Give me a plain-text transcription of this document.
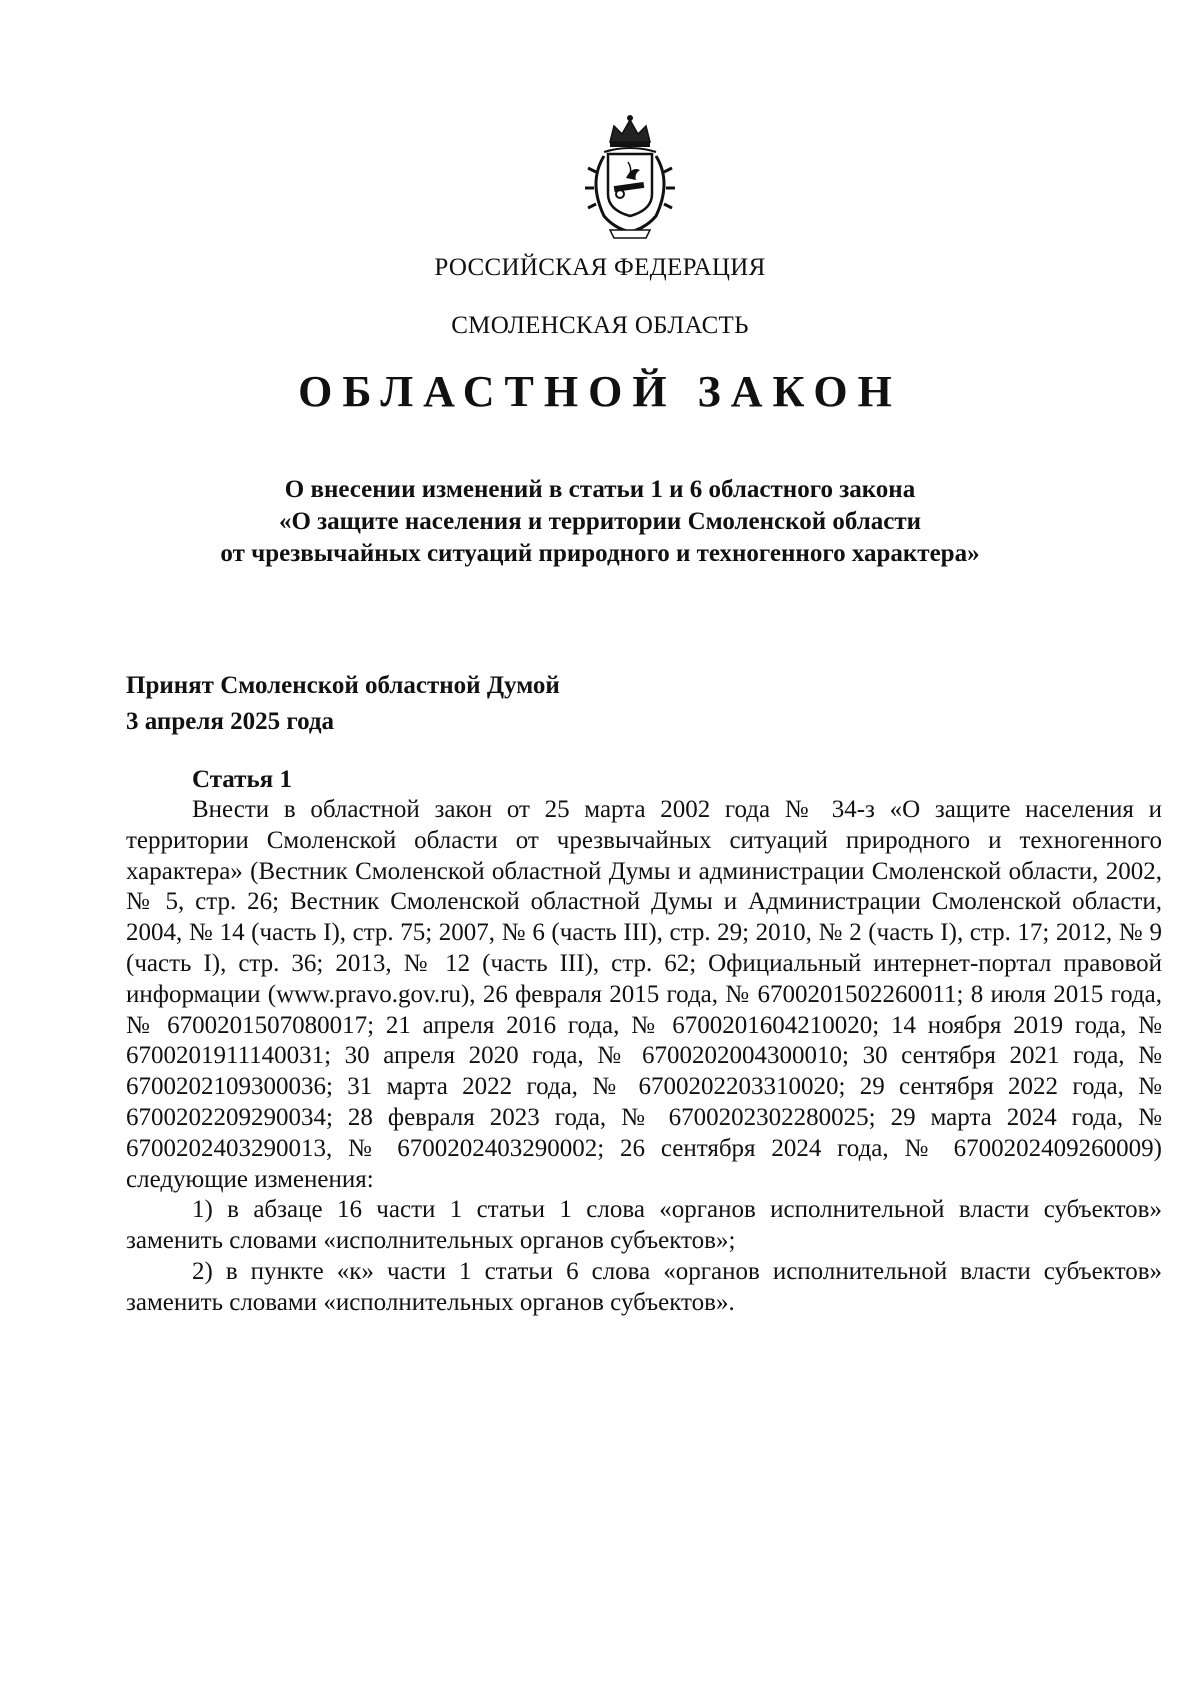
РОССИЙСКАЯ ФЕДЕРАЦИЯ
СМОЛЕНСКАЯ ОБЛАСТЬ
ОБЛАСТНОЙ ЗАКОН
О внесении изменений в статьи 1 и 6 областного закона
«О защите населения и территории Смоленской области
от чрезвычайных ситуаций природного и техногенного характера»
Принят Смоленской областной Думой
3 апреля 2025 года
Статья 1

Внести в областной закон от 25 марта 2002 года № 34-з «О защите населения и территории Смоленской области от чрезвычайных ситуаций природного и техногенного характера» (Вестник Смоленской областной Думы и администрации Смоленской области, 2002, № 5, стр. 26; Вестник Смоленской областной Думы и Администрации Смоленской области, 2004, № 14 (часть I), стр. 75; 2007, № 6 (часть III), стр. 29; 2010, № 2 (часть I), стр. 17; 2012, № 9 (часть I), стр. 36; 2013, № 12 (часть III), стр. 62; Официальный интернет-портал правовой информации (www.pravo.gov.ru), 26 февраля 2015 года, № 6700201502260011; 8 июля 2015 года, № 6700201507080017; 21 апреля 2016 года, № 6700201604210020; 14 ноября 2019 года, № 6700201911140031; 30 апреля 2020 года, № 6700202004300010; 30 сентября 2021 года, № 6700202109300036; 31 марта 2022 года, № 6700202203310020; 29 сентября 2022 года, № 6700202209290034; 28 февраля 2023 года, № 6700202302280025; 29 марта 2024 года, № 6700202403290013, № 6700202403290002; 26 сентября 2024 года, № 6700202409260009) следующие изменения:

1) в абзаце 16 части 1 статьи 1 слова «органов исполнительной власти субъектов» заменить словами «исполнительных органов субъектов»;

2) в пункте «к» части 1 статьи 6 слова «органов исполнительной власти субъектов» заменить словами «исполнительных органов субъектов».
